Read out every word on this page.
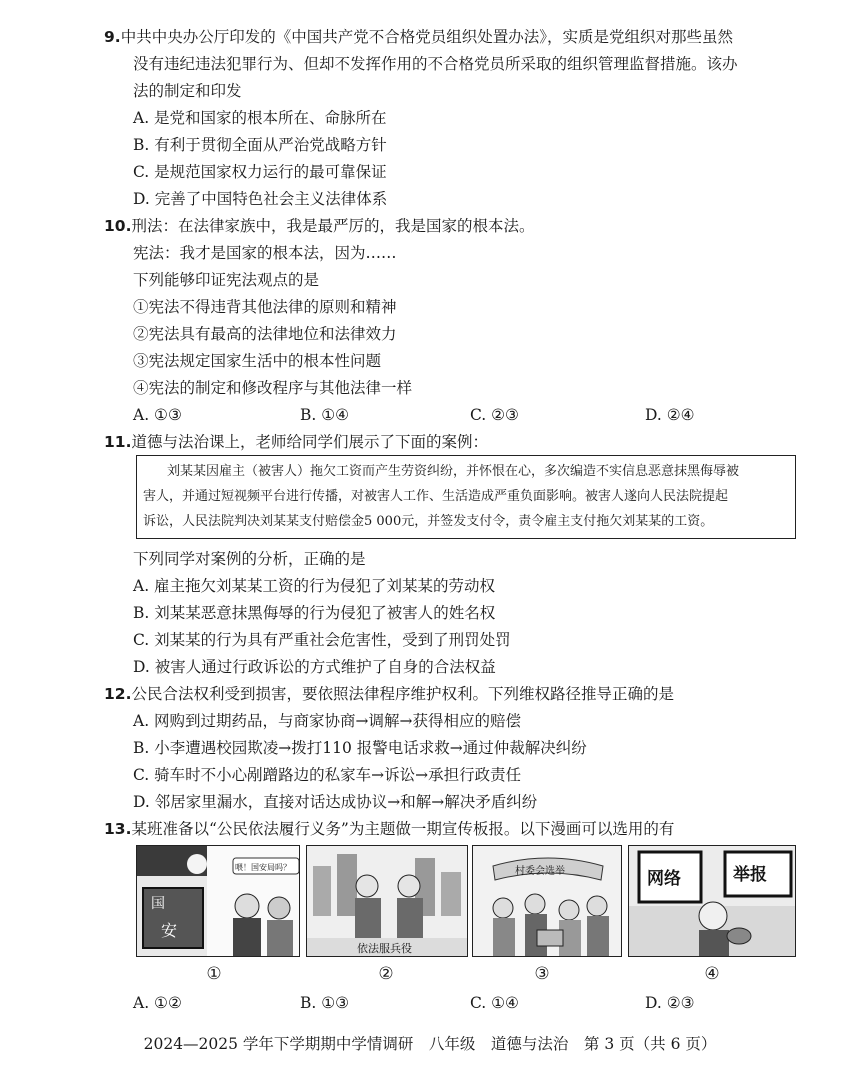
9.中共中央办公厅印发的《中国共产党不合格党员组织处置办法》，实质是党组织对那些虽然
没有违纪违法犯罪行为、但却不发挥作用的不合格党员所采取的组织管理监督措施。该办
法的制定和印发
A. 是党和国家的根本所在、命脉所在
B. 有利于贯彻全面从严治党战略方针
C. 是规范国家权力运行的最可靠保证
D. 完善了中国特色社会主义法律体系
10.刑法：在法律家族中，我是最严厉的，我是国家的根本法。
宪法：我才是国家的根本法，因为……
下列能够印证宪法观点的是
①宪法不得违背其他法律的原则和精神
②宪法具有最高的法律地位和法律效力
③宪法规定国家生活中的根本性问题
④宪法的制定和修改程序与其他法律一样
A. ①③	B. ①④	C. ②③	D. ②④
11.道德与法治课上，老师给同学们展示了下面的案例：
刘某某因雇主（被害人）拖欠工资而产生劳资纠纷，并怀恨在心，多次编造不实信息恶意抹黑侮辱被
害人，并通过短视频平台进行传播，对被害人工作、生活造成严重负面影响。被害人遂向人民法院提起
诉讼，人民法院判决刘某某支付赔偿金5 000元，并签发支付令，责令雇主支付拖欠刘某某的工资。
下列同学对案例的分析，正确的是
A. 雇主拖欠刘某某工资的行为侵犯了刘某某的劳动权
B. 刘某某恶意抹黑侮辱的行为侵犯了被害人的姓名权
C. 刘某某的行为具有严重社会危害性，受到了刑罚处罚
D. 被害人通过行政诉讼的方式维护了自身的合法权益
12.公民合法权利受到损害，要依照法律程序维护权利。下列维权路径推导正确的是
A. 网购到过期药品，与商家协商→调解→获得相应的赔偿
B. 小李遭遇校园欺凌→拨打110 报警电话求救→通过仲裁解决纠纷
C. 骑车时不小心剐蹭路边的私家车→诉讼→承担行政责任
D. 邻居家里漏水，直接对话达成协议→和解→解决矛盾纠纷
13.某班准备以“公民依法履行义务”为主题做一期宣传板报。以下漫画可以选用的有
国
安
喂！国安局吗？
①
依法服兵役
②
村委会选举
③
网络	举报
④
A. ①②	B. ①③	C. ①④	D. ②③
2024—2025 学年下学期期中学情调研　八年级　道德与法治　第 3 页（共 6 页）
